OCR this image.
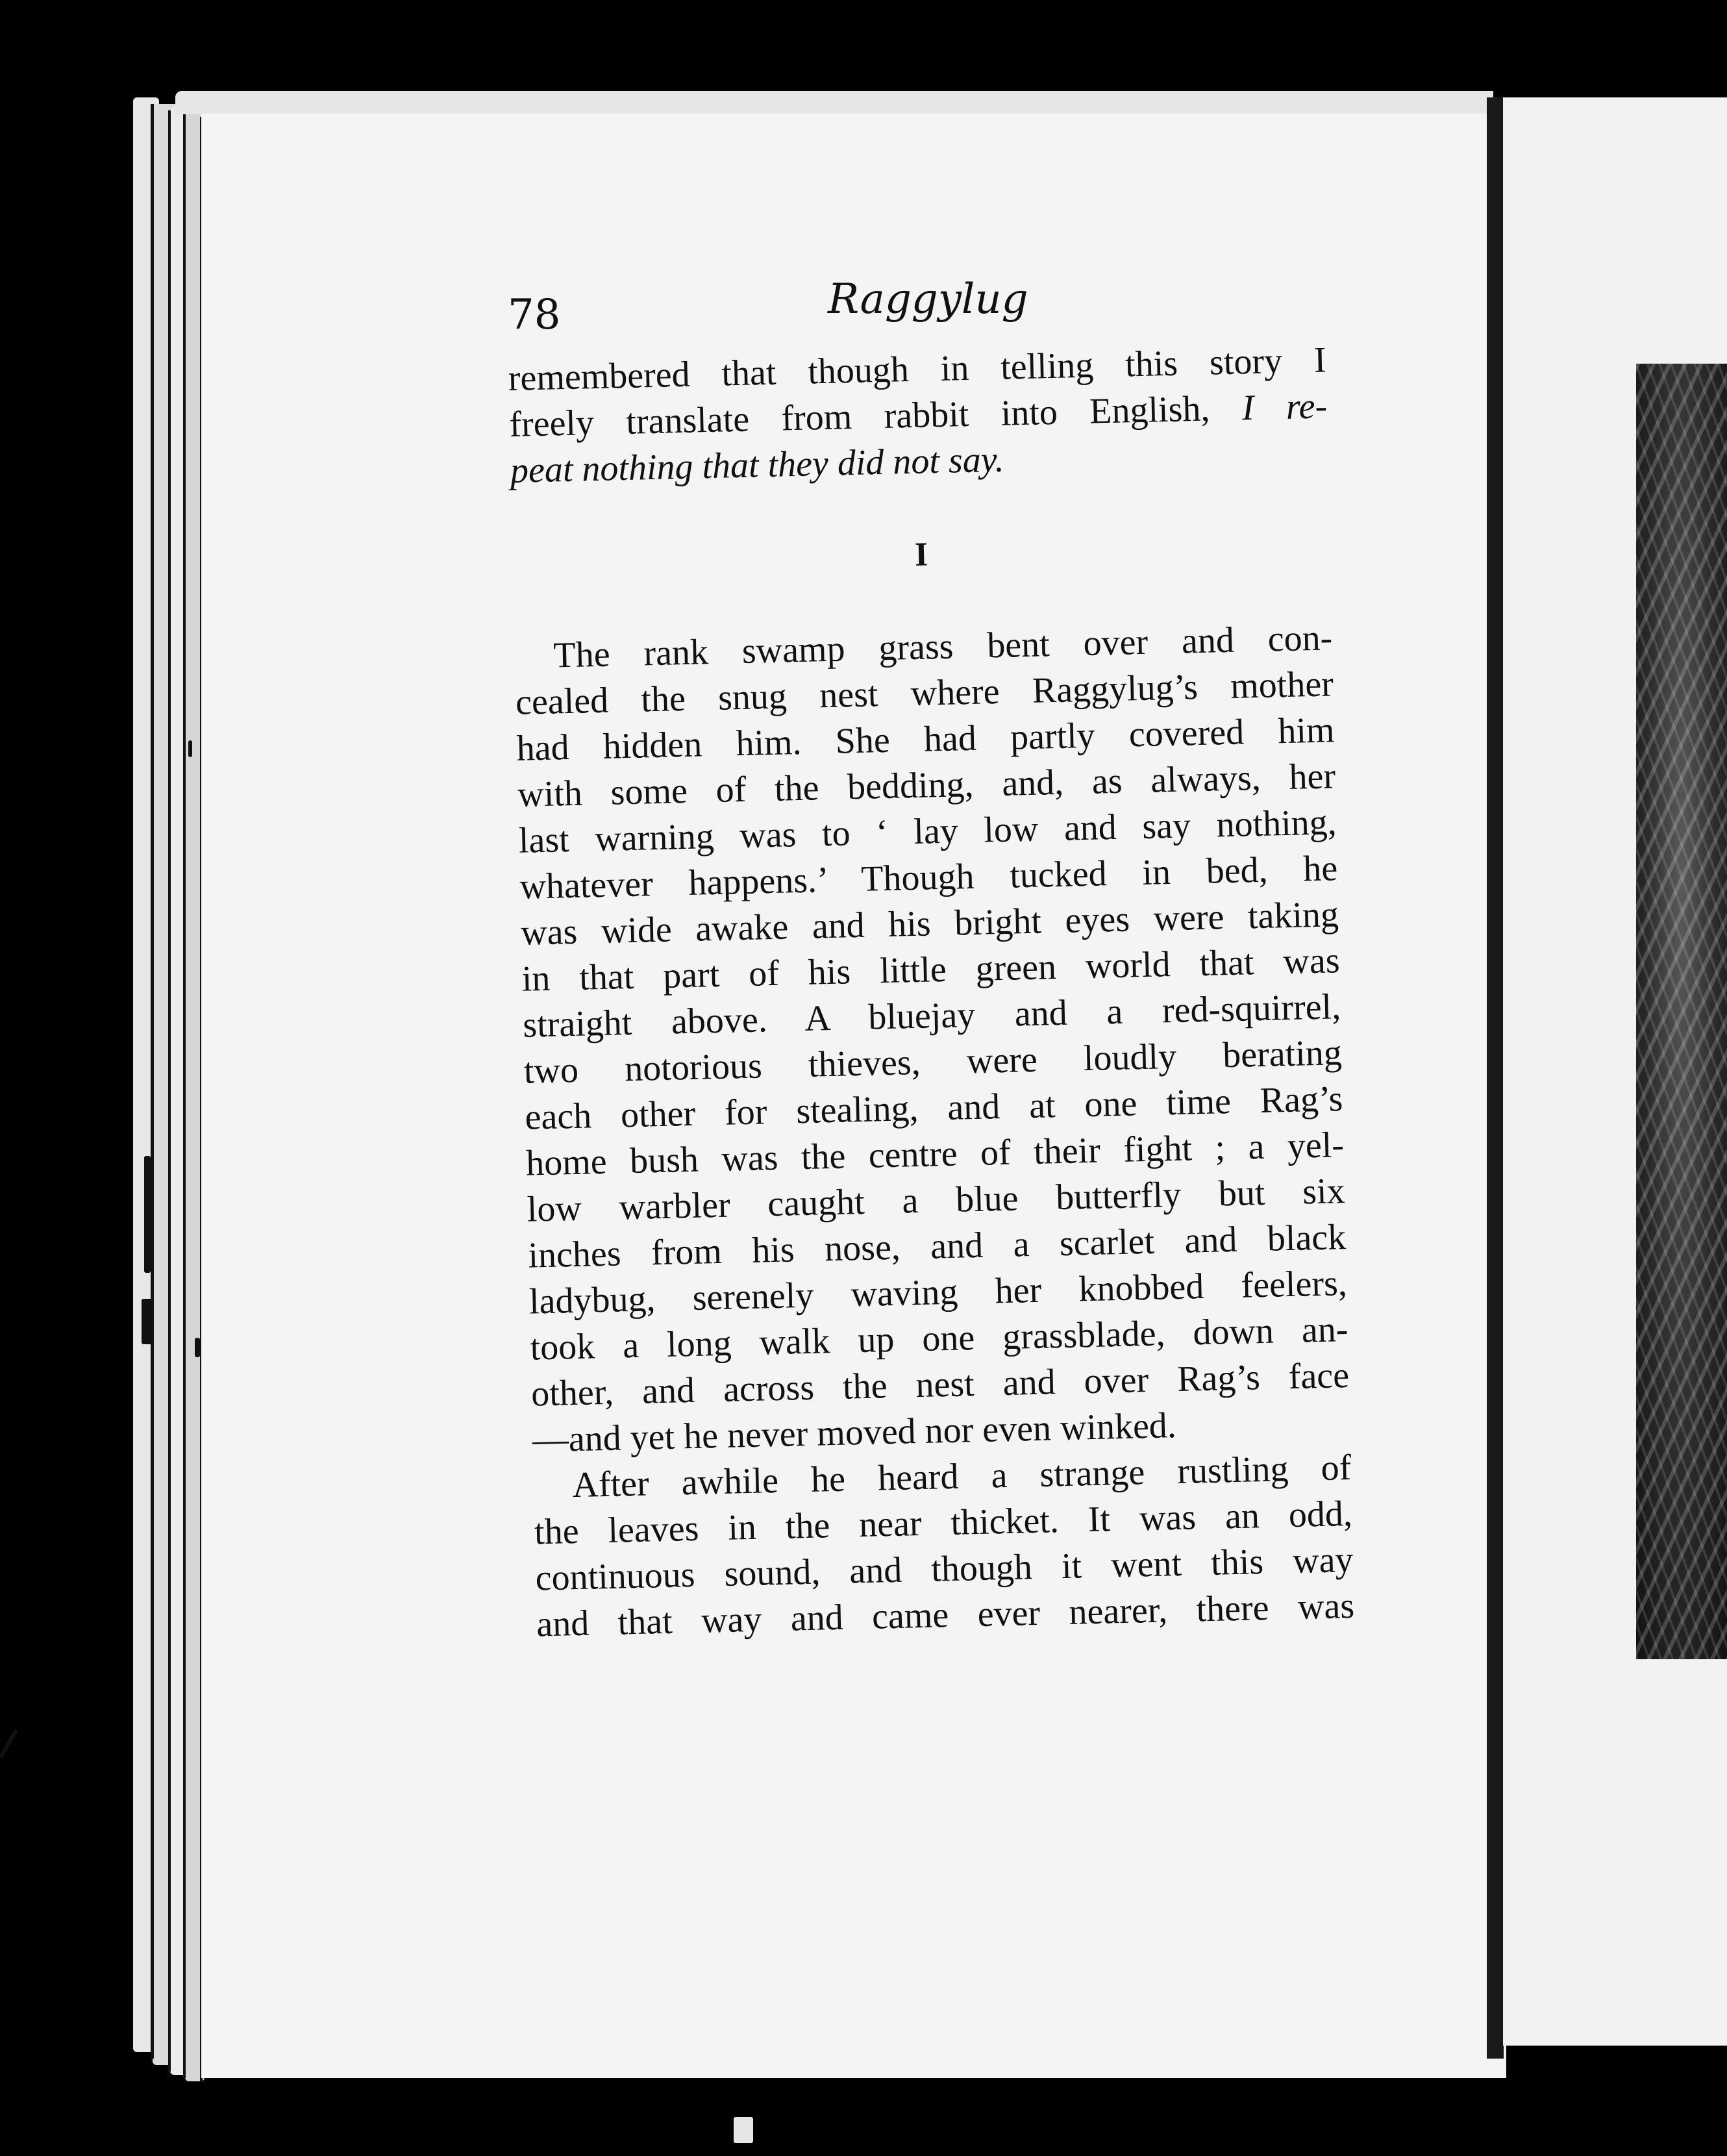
78	Raggylug
remembered that though in telling this story I
freely translate from rabbit into English, I re-
peat nothing that they did not say.
I
The rank swamp grass bent over and con-
cealed the snug nest where Raggylug’s mother
had hidden him. She had partly covered him
with some of the bedding, and, as always, her
last warning was to ‘ lay low and say nothing,
whatever happens.’ Though tucked in bed, he
was wide awake and his bright eyes were taking
in that part of his little green world that was
straight above. A bluejay and a red-squirrel,
two notorious thieves, were loudly berating
each other for stealing, and at one time Rag’s
home bush was the centre of their fight ; a yel-
low warbler caught a blue butterfly but six
inches from his nose, and a scarlet and black
ladybug, serenely waving her knobbed feelers,
took a long walk up one grassblade, down an-
other, and across the nest and over Rag’s face
—and yet he never moved nor even winked.
After awhile he heard a strange rustling of
the leaves in the near thicket. It was an odd,
continuous sound, and though it went this way
and that way and came ever nearer, there was
